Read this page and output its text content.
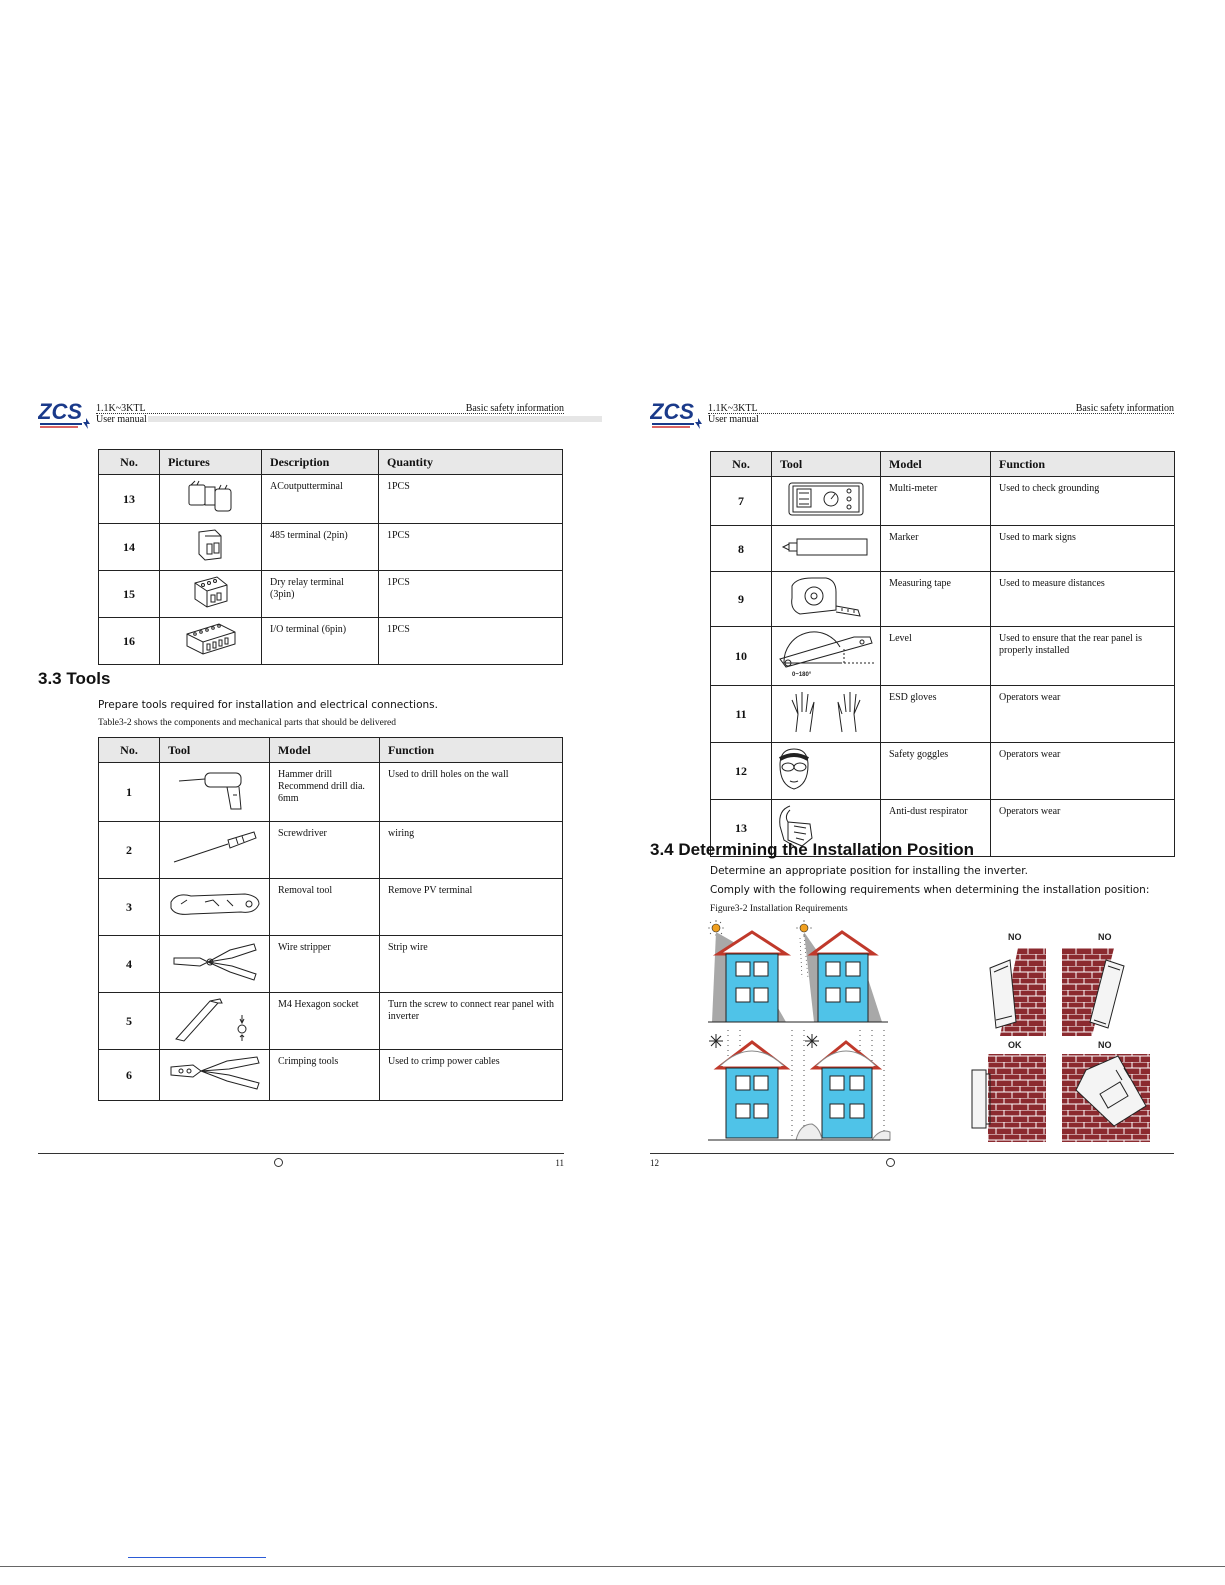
ZCS 1.1K~3KTL
User manual
Basic safety information
No.	Pictures	Description	Quantity
13		ACoutputterminal	1PCS
14		485 terminal (2pin)	1PCS
15		Dry relay terminal (3pin)	1PCS
16		I/O terminal (6pin)	1PCS
3.3 Tools
Prepare tools required for installation and electrical connections.
Table3-2 shows the components and mechanical parts that should be delivered
No.	Tool	Model	Function
1		Hammer drill Recommend drill dia. 6mm	Used to drill holes on the wall
2		Screwdriver	wiring
3		Removal tool	Remove PV terminal
4		Wire stripper	Strip wire
5		M4 Hexagon socket	Turn the screw to connect rear panel with inverter
6		Crimping tools	Used to crimp power cables
11
ZCS 1.1K~3KTL
User manual
Basic safety information
No.	Tool	Model	Function
7		Multi-meter	Used to check grounding
8		Marker	Used to mark signs
9		Measuring tape	Used to measure distances
10	0~180°	Level	Used to ensure that the rear panel is properly installed
11		ESD gloves	Operators wear
12		Safety goggles	Operators wear
13		Anti-dust respirator	Operators wear
3.4 Determining the Installation Position
Determine an appropriate position for installing the inverter.
Comply with the following requirements when determining the installation position:
Figure3-2 Installation Requirements
NO	NO
OK	NO
12
